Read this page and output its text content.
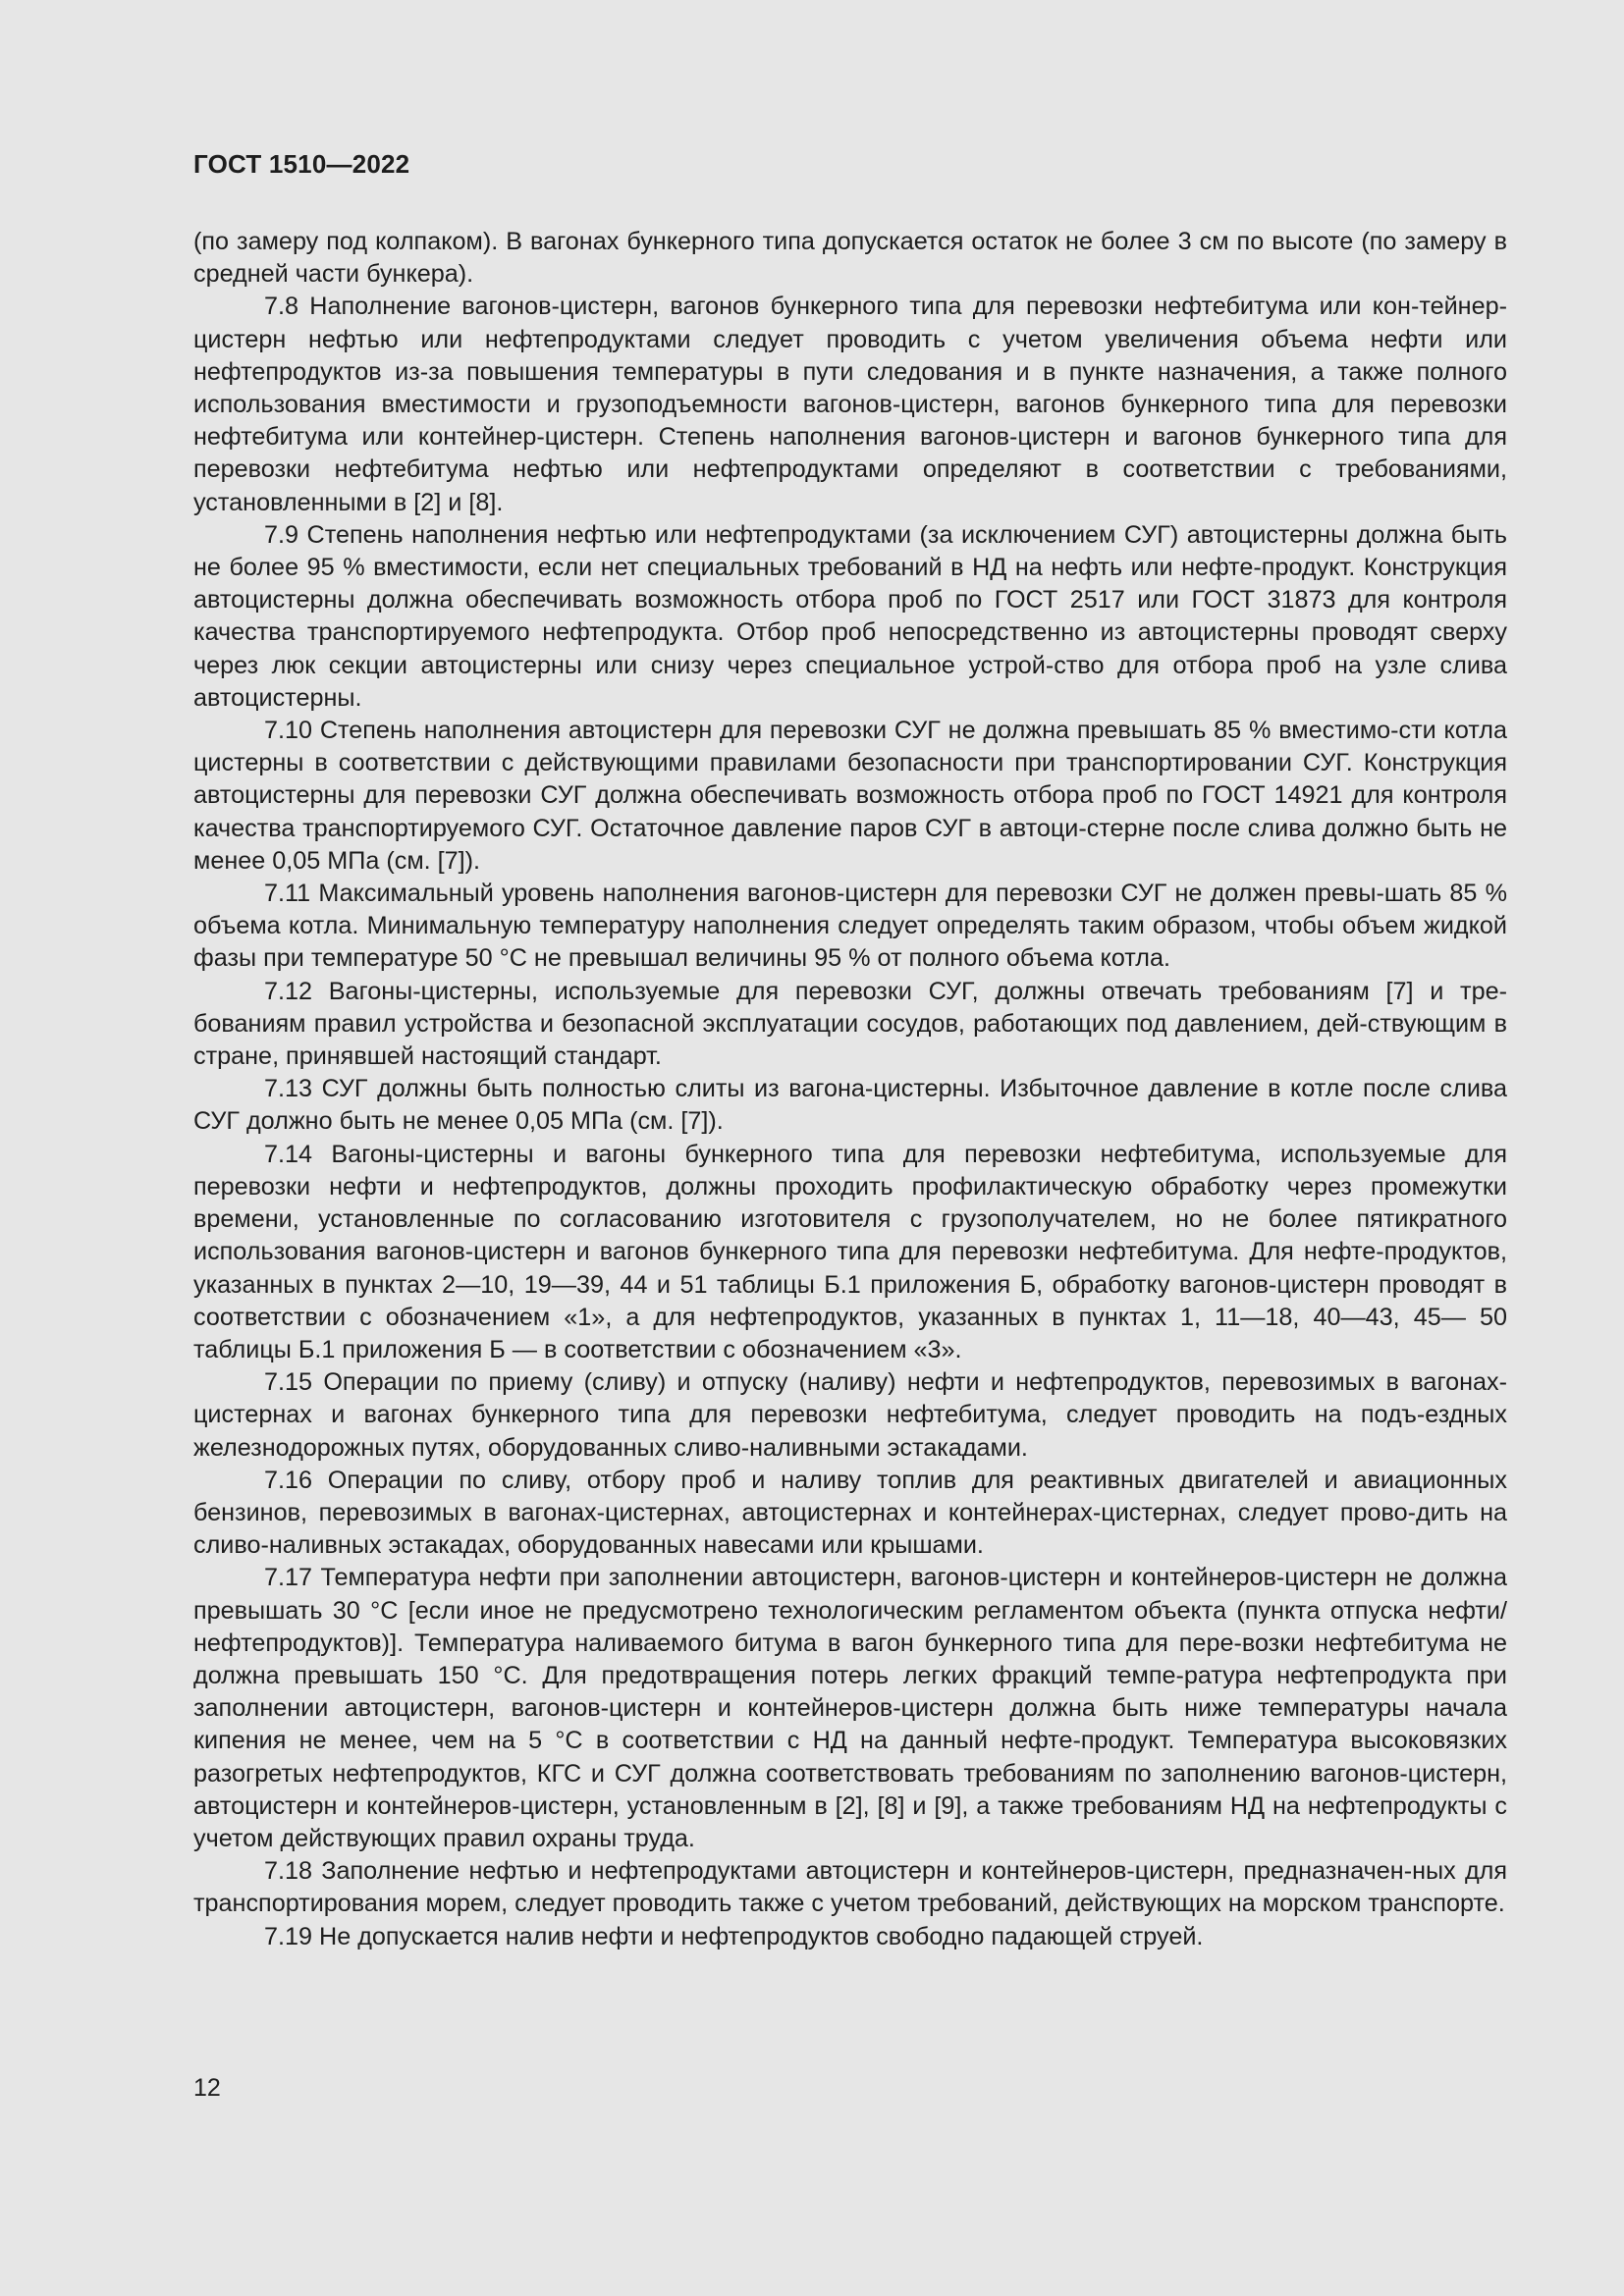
ГОСТ 1510—2022

(по замеру под колпаком). В вагонах бункерного типа допускается остаток не более 3 см по высоте (по замеру в средней части бункера).

7.8 Наполнение вагонов-цистерн, вагонов бункерного типа для перевозки нефтебитума или кон-тейнер-цистерн нефтью или нефтепродуктами следует проводить с учетом увеличения объема нефти или нефтепродуктов из-за повышения температуры в пути следования и в пункте назначения, а также полного использования вместимости и грузоподъемности вагонов-цистерн, вагонов бункерного типа для перевозки нефтебитума или контейнер-цистерн. Степень наполнения вагонов-цистерн и вагонов бункерного типа для перевозки нефтебитума нефтью или нефтепродуктами определяют в соответствии с требованиями, установленными в [2] и [8].

7.9 Степень наполнения нефтью или нефтепродуктами (за исключением СУГ) автоцистерны должна быть не более 95 % вместимости, если нет специальных требований в НД на нефть или нефте-продукт. Конструкция автоцистерны должна обеспечивать возможность отбора проб по ГОСТ 2517 или ГОСТ 31873 для контроля качества транспортируемого нефтепродукта. Отбор проб непосредственно из автоцистерны проводят сверху через люк секции автоцистерны или снизу через специальное устрой-ство для отбора проб на узле слива автоцистерны.

7.10 Степень наполнения автоцистерн для перевозки СУГ не должна превышать 85 % вместимо-сти котла цистерны в соответствии с действующими правилами безопасности при транспортировании СУГ. Конструкция автоцистерны для перевозки СУГ должна обеспечивать возможность отбора проб по ГОСТ 14921 для контроля качества транспортируемого СУГ. Остаточное давление паров СУГ в автоци-стерне после слива должно быть не менее 0,05 МПа (см. [7]).

7.11 Максимальный уровень наполнения вагонов-цистерн для перевозки СУГ не должен превы-шать 85 % объема котла. Минимальную температуру наполнения следует определять таким образом, чтобы объем жидкой фазы при температуре 50 °C не превышал величины 95 % от полного объема котла.

7.12 Вагоны-цистерны, используемые для перевозки СУГ, должны отвечать требованиям [7] и тре-бованиям правил устройства и безопасной эксплуатации сосудов, работающих под давлением, дей-ствующим в стране, принявшей настоящий стандарт.

7.13 СУГ должны быть полностью слиты из вагона-цистерны. Избыточное давление в котле после слива СУГ должно быть не менее 0,05 МПа (см. [7]).

7.14 Вагоны-цистерны и вагоны бункерного типа для перевозки нефтебитума, используемые для перевозки нефти и нефтепродуктов, должны проходить профилактическую обработку через промежутки времени, установленные по согласованию изготовителя с грузополучателем, но не более пятикратного использования вагонов-цистерн и вагонов бункерного типа для перевозки нефтебитума. Для нефте-продуктов, указанных в пунктах 2—10, 19—39, 44 и 51 таблицы Б.1 приложения Б, обработку вагонов-цистерн проводят в соответствии с обозначением «1», а для нефтепродуктов, указанных в пунктах 1, 11—18, 40—43, 45— 50 таблицы Б.1 приложения Б — в соответствии с обозначением «3».

7.15 Операции по приему (сливу) и отпуску (наливу) нефти и нефтепродуктов, перевозимых в вагонах-цистернах и вагонах бункерного типа для перевозки нефтебитума, следует проводить на подъ-ездных железнодорожных путях, оборудованных сливо-наливными эстакадами.

7.16 Операции по сливу, отбору проб и наливу топлив для реактивных двигателей и авиационных бензинов, перевозимых в вагонах-цистернах, автоцистернах и контейнерах-цистернах, следует прово-дить на сливо-наливных эстакадах, оборудованных навесами или крышами.

7.17 Температура нефти при заполнении автоцистерн, вагонов-цистерн и контейнеров-цистерн не должна превышать 30 °C [если иное не предусмотрено технологическим регламентом объекта (пункта отпуска нефти/нефтепродуктов)]. Температура наливаемого битума в вагон бункерного типа для пере-возки нефтебитума не должна превышать 150 °C. Для предотвращения потерь легких фракций темпе-ратура нефтепродукта при заполнении автоцистерн, вагонов-цистерн и контейнеров-цистерн должна быть ниже температуры начала кипения не менее, чем на 5 °C в соответствии с НД на данный нефте-продукт. Температура высоковязких разогретых нефтепродуктов, КГС и СУГ должна соответствовать требованиям по заполнению вагонов-цистерн, автоцистерн и контейнеров-цистерн, установленным в [2], [8] и [9], а также требованиям НД на нефтепродукты с учетом действующих правил охраны труда.

7.18 Заполнение нефтью и нефтепродуктами автоцистерн и контейнеров-цистерн, предназначен-ных для транспортирования морем, следует проводить также с учетом требований, действующих на морском транспорте.

7.19 Не допускается налив нефти и нефтепродуктов свободно падающей струей.

12
